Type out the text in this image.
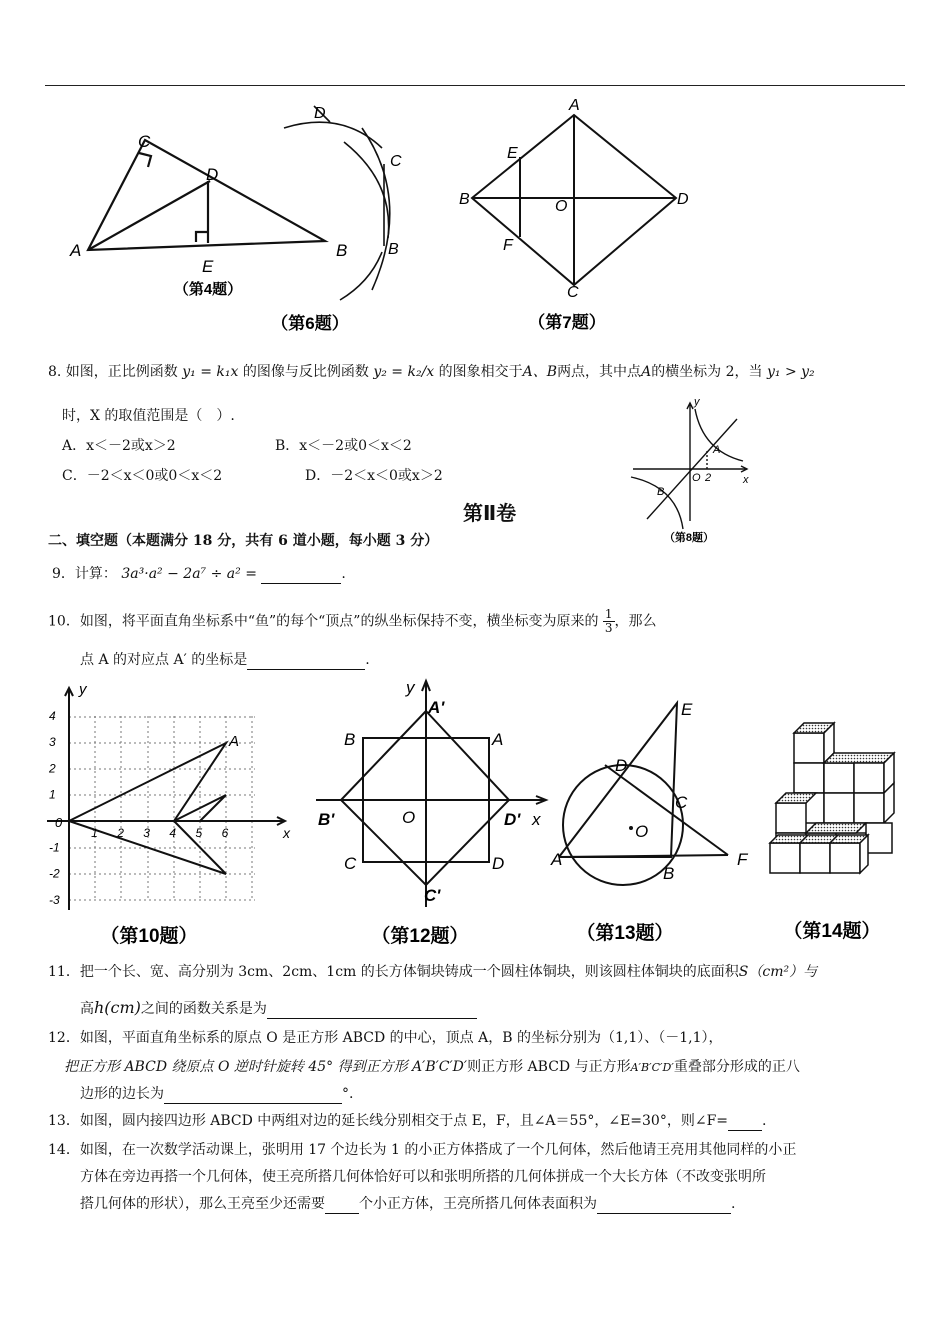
C
D
A	B
E
（第4题）
D
C
B
（第6题）
A
E
B	O	D
F
C
（第7题）
8. 如图，正比例函数 y₁ = k₁x 的图像与反比例函数 y₂ = k₂/x 的图象相交于A、B两点，其中点A的横坐标为 2，当 y₁ > y₂
时，X 的取值范围是（　）.
A．x＜－2或x＞2	B．x＜－2或0＜x＜2
C．－2＜x＜0或0＜x＜2	D．－2＜x＜0或x＞2
y
A
O 2	x
B
（第8题）
第Ⅱ卷
二、填空题（本题满分 18 分，共有 6 道小题，每小题 3 分）
9．计算： 3a³·a² − 2a⁷ ÷ a² =	.
10．如图，将平面直角坐标系中“鱼”的每个“顶点”的纵坐标保持不变，横坐标变为原来的 $\frac{1}{3}$ ，那么
点 A 的对应点 A′ 的坐标是	.
y
A
0
x
4
3
2
1
-1
-2
-3
1 2 3 4 5 6
（第10题）
y
A'
B	A
B'	O	D' x
C	D
C'
（第12题）
E
D
C
O
A
B
F
（第13题）	（第14题）
11．把一个长、宽、高分别为 3cm、2cm、1cm 的长方体铜块铸成一个圆柱体铜块，则该圆柱体铜块的底面积S（cm²）与
高h(cm)之间的函数关系是为
12．如图，平面直角坐标系的原点 O 是正方形 ABCD 的中心，顶点 A，B 的坐标分别为（1,1）、（－1,1），
把正方形 ABCD 绕原点 O 逆时针旋转 45° 得到正方形 A′B′C′D′则正方形 ABCD 与正方形A′B′C′D′重叠部分形成的正八
边形的边长为	°.
13．如图，圆内接四边形 ABCD 中两组对边的延长线分别相交于点 E，F，且∠A＝55°，∠E=30°，则∠F= .
14．如图，在一次数学活动课上，张明用 17 个边长为 1 的小正方体搭成了一个几何体，然后他请王亮用其他同样的小正
方体在旁边再搭一个几何体，使王亮所搭几何体恰好可以和张明所搭的几何体拼成一个大长方体（不改变张明所
搭几何体的形状），那么王亮至少还需要 个小正方体，王亮所搭几何体表面积为	.
